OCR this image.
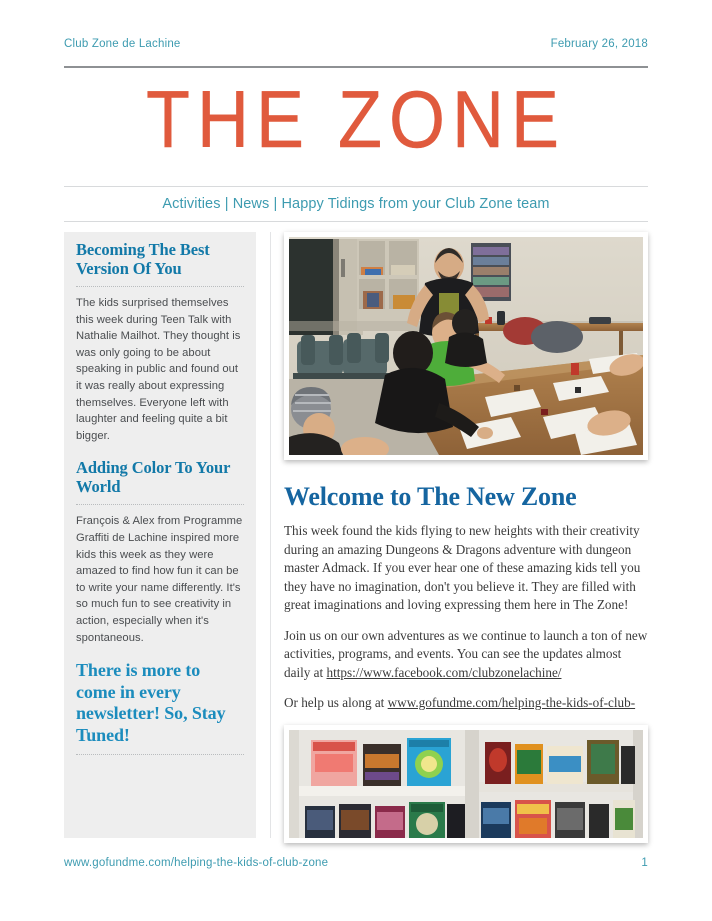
Club Zone de Lachine	February 26, 2018
THE ZONE
Activities | News | Happy Tidings from your Club Zone team
Becoming The Best Version Of You

The kids surprised themselves this week during Teen Talk with Nathalie Mailhot. They thought is was only going to be about speaking in public and found out it was really about expressing themselves. Everyone left with laughter and feeling quite a bit bigger.

Adding Color To Your World

François & Alex from Programme Graffiti de Lachine inspired more kids this week as they were amazed to find how fun it can be to write your name differently. It's so much fun to see creativity in action, especially when it's spontaneous.

There is more to come in every newsletter! So, Stay Tuned!
Welcome to The New Zone

This week found the kids flying to new heights with their creativity during an amazing Dungeons & Dragons adventure with dungeon master Admack. If you ever hear one of these amazing kids tell you they have no imagination, don't you believe it. They are filled with great imaginations and loving expressing them here in The Zone!

Join us on our own adventures as we continue to launch a ton of new activities, programs, and events. You can see the updates almost daily at https://www.facebook.com/clubzonelachine/

Or help us along at www.gofundme.com/helping-the-kids-of-club-

www.gofundme.com/helping-the-kids-of-club-zone	1
